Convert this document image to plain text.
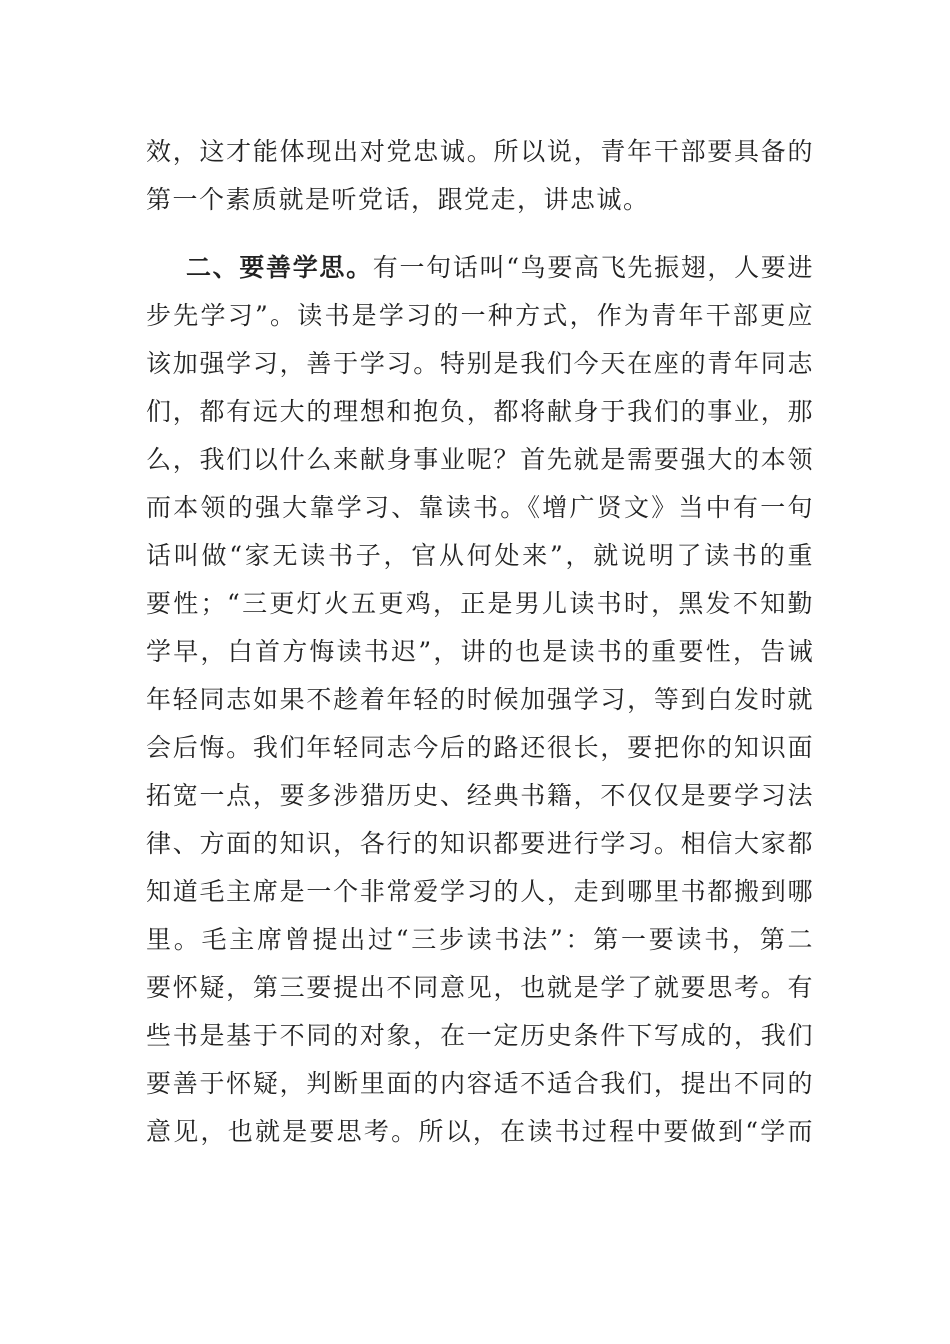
效，这才能体现出对党忠诚。所以说，青年干部要具备的
第一个素质就是听党话，跟党走，讲忠诚。
二、要善学思。有一句话叫“鸟要高飞先振翅，人要进
步先学习”。读书是学习的一种方式，作为青年干部更应
该加强学习，善于学习。特别是我们今天在座的青年同志
们，都有远大的理想和抱负，都将献身于我们的事业，那
么，我们以什么来献身事业呢？首先就是需要强大的本领
而本领的强大靠学习、靠读书。《增广贤文》当中有一句
话叫做“家无读书子，官从何处来”，就说明了读书的重
要性；“三更灯火五更鸡，正是男儿读书时，黑发不知勤
学早，白首方悔读书迟”，讲的也是读书的重要性，告诫
年轻同志如果不趁着年轻的时候加强学习，等到白发时就
会后悔。我们年轻同志今后的路还很长，要把你的知识面
拓宽一点，要多涉猎历史、经典书籍，不仅仅是要学习法
律、方面的知识，各行的知识都要进行学习。相信大家都
知道毛主席是一个非常爱学习的人，走到哪里书都搬到哪
里。毛主席曾提出过“三步读书法”：第一要读书，第二
要怀疑，第三要提出不同意见，也就是学了就要思考。有
些书是基于不同的对象，在一定历史条件下写成的，我们
要善于怀疑，判断里面的内容适不适合我们，提出不同的
意见，也就是要思考。所以，在读书过程中要做到“学而
